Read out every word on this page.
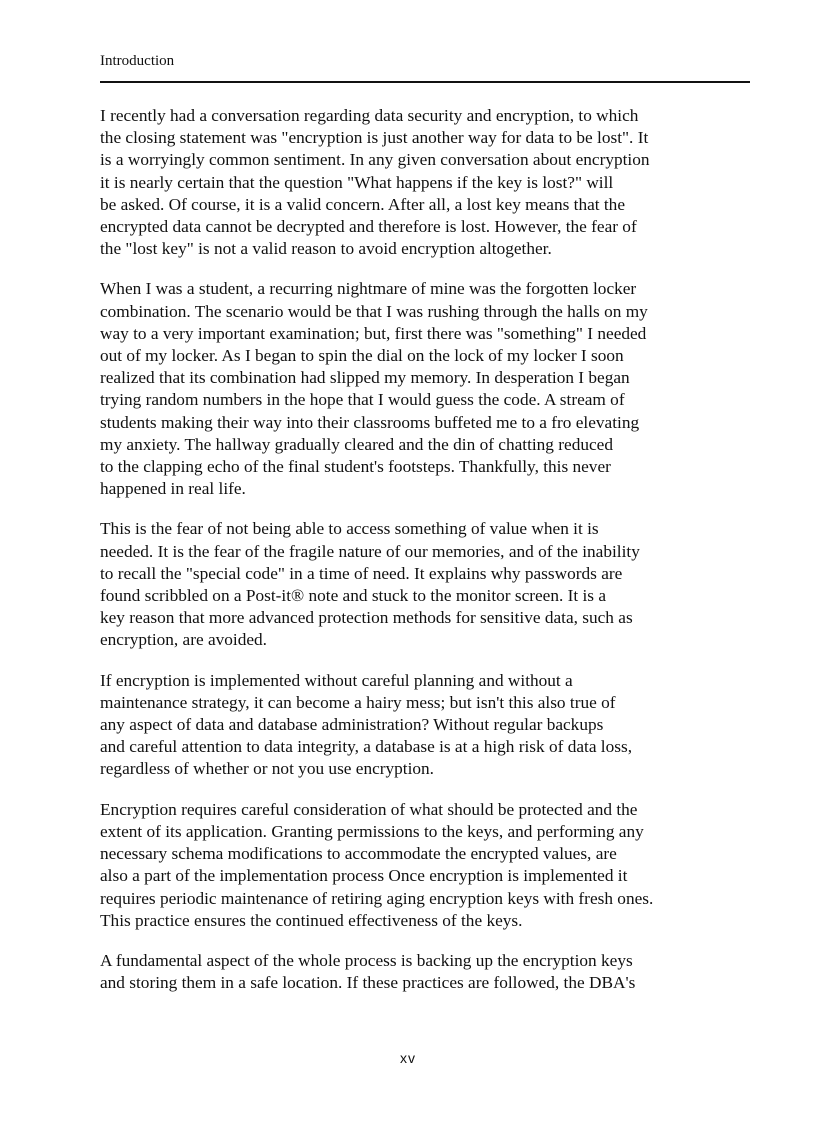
Introduction

I recently had a conversation regarding data security and encryption, to which
the closing statement was "encryption is just another way for data to be lost". It
is a worryingly common sentiment. In any given conversation about encryption
it is nearly certain that the question "What happens if the key is lost?" will
be asked. Of course, it is a valid concern. After all, a lost key means that the
encrypted data cannot be decrypted and therefore is lost. However, the fear of
the "lost key" is not a valid reason to avoid encryption altogether.

When I was a student, a recurring nightmare of mine was the forgotten locker
combination. The scenario would be that I was rushing through the halls on my
way to a very important examination; but, first there was "something" I needed
out of my locker. As I began to spin the dial on the lock of my locker I soon
realized that its combination had slipped my memory. In desperation I began
trying random numbers in the hope that I would guess the code. A stream of
students making their way into their classrooms buffeted me to a fro elevating
my anxiety. The hallway gradually cleared and the din of chatting reduced
to the clapping echo of the final student's footsteps. Thankfully, this never
happened in real life.

This is the fear of not being able to access something of value when it is
needed. It is the fear of the fragile nature of our memories, and of the inability
to recall the "special code" in a time of need. It explains why passwords are
found scribbled on a Post-it® note and stuck to the monitor screen. It is a
key reason that more advanced protection methods for sensitive data, such as
encryption, are avoided.

If encryption is implemented without careful planning and without a
maintenance strategy, it can become a hairy mess; but isn't this also true of
any aspect of data and database administration? Without regular backups
and careful attention to data integrity, a database is at a high risk of data loss,
regardless of whether or not you use encryption.

Encryption requires careful consideration of what should be protected and the
extent of its application. Granting permissions to the keys, and performing any
necessary schema modifications to accommodate the encrypted values, are
also a part of the implementation process Once encryption is implemented it
requires periodic maintenance of retiring aging encryption keys with fresh ones.
This practice ensures the continued effectiveness of the keys.

A fundamental aspect of the whole process is backing up the encryption keys
and storing them in a safe location. If these practices are followed, the DBA's

xv
